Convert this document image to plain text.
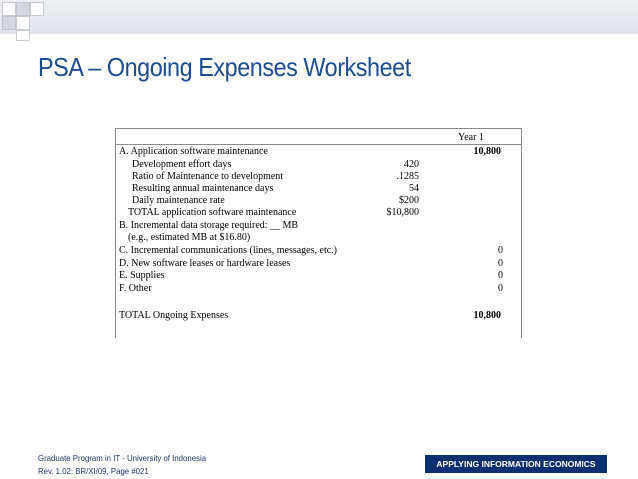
PSA – Ongoing Expenses Worksheet
Year 1
A. Application software maintenance	10,800
Development effort days	420
Ratio of Maintenance to development	.1285
Resulting annual maintenance days	54
Daily maintenance rate	$200
TOTAL application software maintenance	$10,800
B. Incremental data storage required: __ MB
(e.g., estimated MB at $16.80)
C. Incremental communications (lines, messages, etc.)	0
D. New software leases or hardware leases	0
E. Supplies	0
F. Other	0
TOTAL Ongoing Expenses	10,800
Graduate Program in IT - University of Indonesia
Rev. 1.02; BR/XI/09, Page #021
APPLYING INFORMATION ECONOMICS
